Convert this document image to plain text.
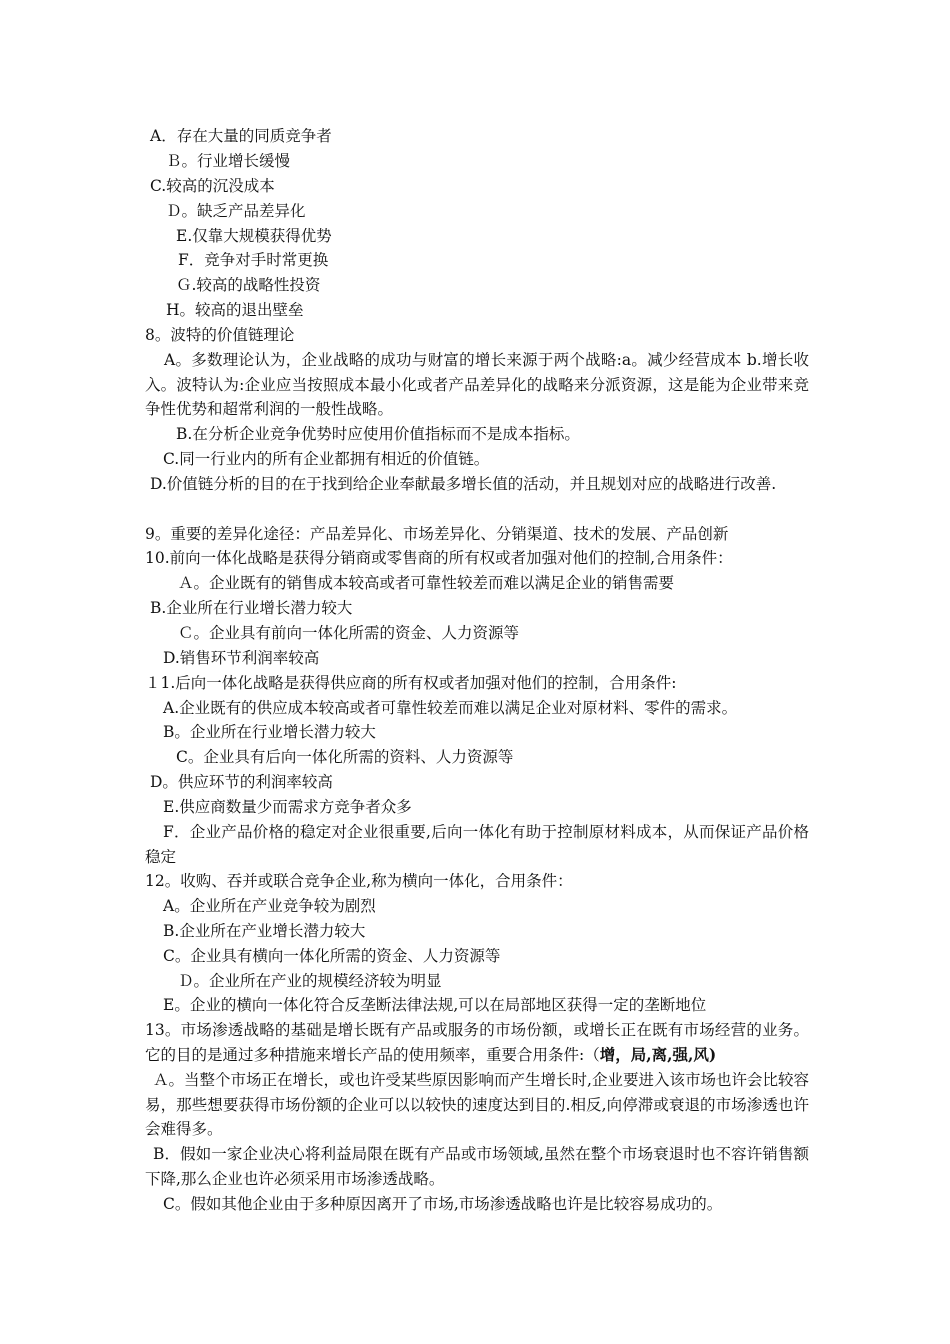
A．存在大量的同质竞争者
Ｂ。行业增长缓慢
C.较高的沉没成本
Ｄ。缺乏产品差异化
E.仅靠大规模获得优势
F．竞争对手时常更换
Ｇ.较高的战略性投资
H。较高的退出壁垒
8。波特的价值链理论
A。多数理论认为，企业战略的成功与财富的增长来源于两个战略:a。减少经营成本 b.增长收入。波特认为:企业应当按照成本最小化或者产品差异化的战略来分派资源，这是能为企业带来竞争性优势和超常利润的一般性战略。
B.在分析企业竞争优势时应使用价值指标而不是成本指标。
C.同一行业内的所有企业都拥有相近的价值链。
D.价值链分析的目的在于找到给企业奉献最多增长值的活动，并且规划对应的战略进行改善.
9。重要的差异化途径：产品差异化、市场差异化、分销渠道、技术的发展、产品创新
10.前向一体化战略是获得分销商或零售商的所有权或者加强对他们的控制,合用条件：
Ａ。企业既有的销售成本较高或者可靠性较差而难以满足企业的销售需要
B.企业所在行业增长潜力较大
Ｃ。企业具有前向一体化所需的资金、人力资源等
D.销售环节利润率较高
１1.后向一体化战略是获得供应商的所有权或者加强对他们的控制，合用条件:
A.企业既有的供应成本较高或者可靠性较差而难以满足企业对原材料、零件的需求。
B。企业所在行业增长潜力较大
C。企业具有后向一体化所需的资料、人力资源等
D。供应环节的利润率较高
E.供应商数量少而需求方竞争者众多
F．企业产品价格的稳定对企业很重要,后向一体化有助于控制原材料成本，从而保证产品价格稳定
12。收购、吞并或联合竞争企业,称为横向一体化，合用条件：
A。企业所在产业竞争较为剧烈
B.企业所在产业增长潜力较大
C。企业具有横向一体化所需的资金、人力资源等
Ｄ。企业所在产业的规模经济较为明显
E。企业的横向一体化符合反垄断法律法规,可以在局部地区获得一定的垄断地位
13。市场渗透战略的基础是增长既有产品或服务的市场份额，或增长正在既有市场经营的业务。它的目的是通过多种措施来增长产品的使用频率，重要合用条件:（增，局,离,强,风)
Ａ。当整个市场正在增长，或也许受某些原因影响而产生增长时,企业要进入该市场也许会比较容易，那些想要获得市场份额的企业可以以较快的速度达到目的.相反,向停滞或衰退的市场渗透也许会难得多。
B．假如一家企业决心将利益局限在既有产品或市场领域,虽然在整个市场衰退时也不容许销售额下降,那么企业也许必须采用市场渗透战略。
C。假如其他企业由于多种原因离开了市场,市场渗透战略也许是比较容易成功的。
